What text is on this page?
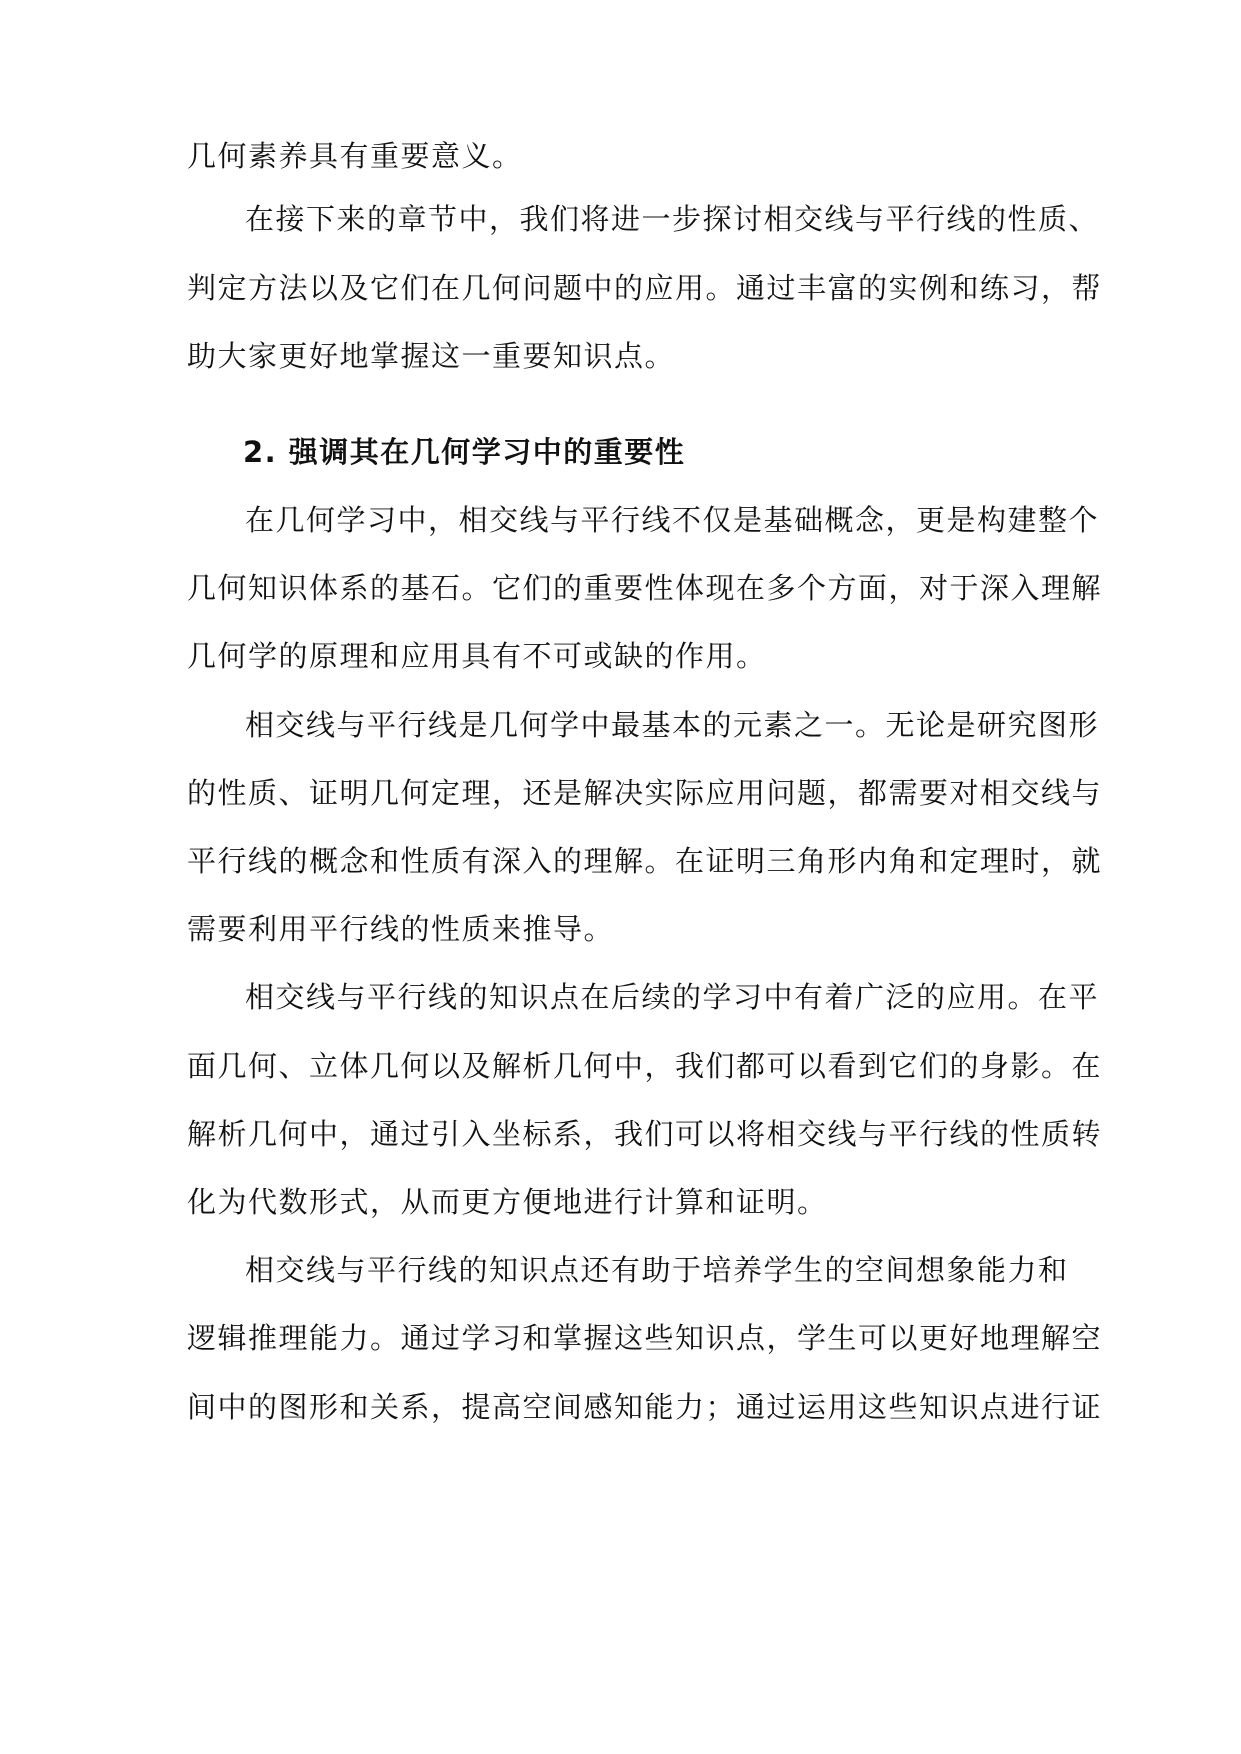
几何素养具有重要意义。
在接下来的章节中，我们将进一步探讨相交线与平行线的性质、
判定方法以及它们在几何问题中的应用。通过丰富的实例和练习，帮
助大家更好地掌握这一重要知识点。
2. 强调其在几何学习中的重要性
在几何学习中，相交线与平行线不仅是基础概念，更是构建整个
几何知识体系的基石。它们的重要性体现在多个方面，对于深入理解
几何学的原理和应用具有不可或缺的作用。
相交线与平行线是几何学中最基本的元素之一。无论是研究图形
的性质、证明几何定理，还是解决实际应用问题，都需要对相交线与
平行线的概念和性质有深入的理解。在证明三角形内角和定理时，就
需要利用平行线的性质来推导。
相交线与平行线的知识点在后续的学习中有着广泛的应用。在平
面几何、立体几何以及解析几何中，我们都可以看到它们的身影。在
解析几何中，通过引入坐标系，我们可以将相交线与平行线的性质转
化为代数形式，从而更方便地进行计算和证明。
相交线与平行线的知识点还有助于培养学生的空间想象能力和
逻辑推理能力。通过学习和掌握这些知识点，学生可以更好地理解空
间中的图形和关系，提高空间感知能力；通过运用这些知识点进行证
